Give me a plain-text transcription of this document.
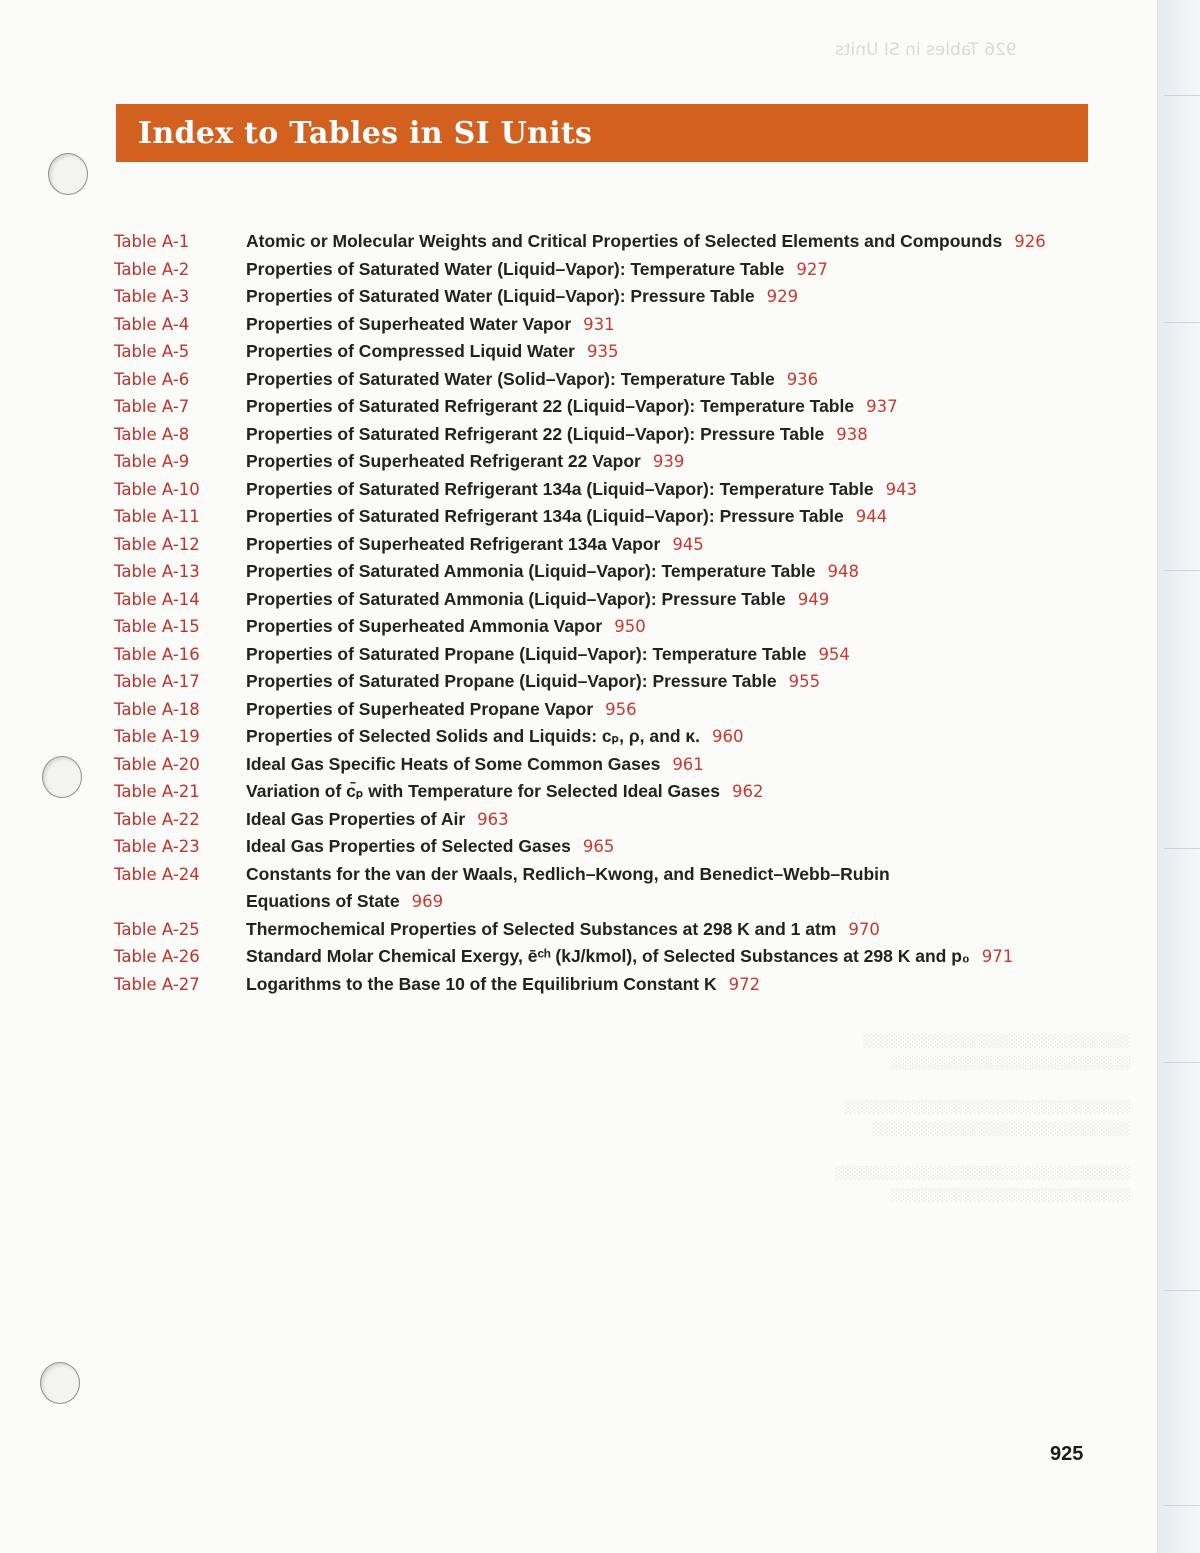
926 Tables in SI Units
Index to Tables in SI Units
Table A-1	Atomic or Molecular Weights and Critical Properties of Selected Elements and Compounds 926
Table A-2	Properties of Saturated Water (Liquid–Vapor): Temperature Table 927
Table A-3	Properties of Saturated Water (Liquid–Vapor): Pressure Table 929
Table A-4	Properties of Superheated Water Vapor 931
Table A-5	Properties of Compressed Liquid Water 935
Table A-6	Properties of Saturated Water (Solid–Vapor): Temperature Table 936
Table A-7	Properties of Saturated Refrigerant 22 (Liquid–Vapor): Temperature Table 937
Table A-8	Properties of Saturated Refrigerant 22 (Liquid–Vapor): Pressure Table 938
Table A-9	Properties of Superheated Refrigerant 22 Vapor 939
Table A-10	Properties of Saturated Refrigerant 134a (Liquid–Vapor): Temperature Table 943
Table A-11	Properties of Saturated Refrigerant 134a (Liquid–Vapor): Pressure Table 944
Table A-12	Properties of Superheated Refrigerant 134a Vapor 945
Table A-13	Properties of Saturated Ammonia (Liquid–Vapor): Temperature Table 948
Table A-14	Properties of Saturated Ammonia (Liquid–Vapor): Pressure Table 949
Table A-15	Properties of Superheated Ammonia Vapor 950
Table A-16	Properties of Saturated Propane (Liquid–Vapor): Temperature Table 954
Table A-17	Properties of Saturated Propane (Liquid–Vapor): Pressure Table 955
Table A-18	Properties of Superheated Propane Vapor 956
Table A-19	Properties of Selected Solids and Liquids: cₚ, ρ, and κ. 960
Table A-20	Ideal Gas Specific Heats of Some Common Gases 961
Table A-21	Variation of c̄ₚ with Temperature for Selected Ideal Gases 962
Table A-22	Ideal Gas Properties of Air 963
Table A-23	Ideal Gas Properties of Selected Gases 965
Table A-24	Constants for the van der Waals, Redlich–Kwong, and Benedict–Webb–Rubin
Equations of State 969
Table A-25	Thermochemical Properties of Selected Substances at 298 K and 1 atm 970
Table A-26	Standard Molar Chemical Exergy, ēᶜʰ (kJ/kmol), of Selected Substances at 298 K and p₀ 971
Table A-27	Logarithms to the Base 10 of the Equilibrium Constant K 972
░░░░░░░░░░░░░░░░░░░░░░░░░░░░░
░░░░░░░░░░░░░░░░░░░░░░░░░░

░░░░░░░░░░░░░░░░░░░░░░░░░░░░░░░
░░░░░░░░░░░░░░░░░░░░░░░░░░░░

░░░░░░░░░░░░░░░░░░░░░░░░░░░░░░░░
░░░░░░░░░░░░░░░░░░░░░░░░░░
925
